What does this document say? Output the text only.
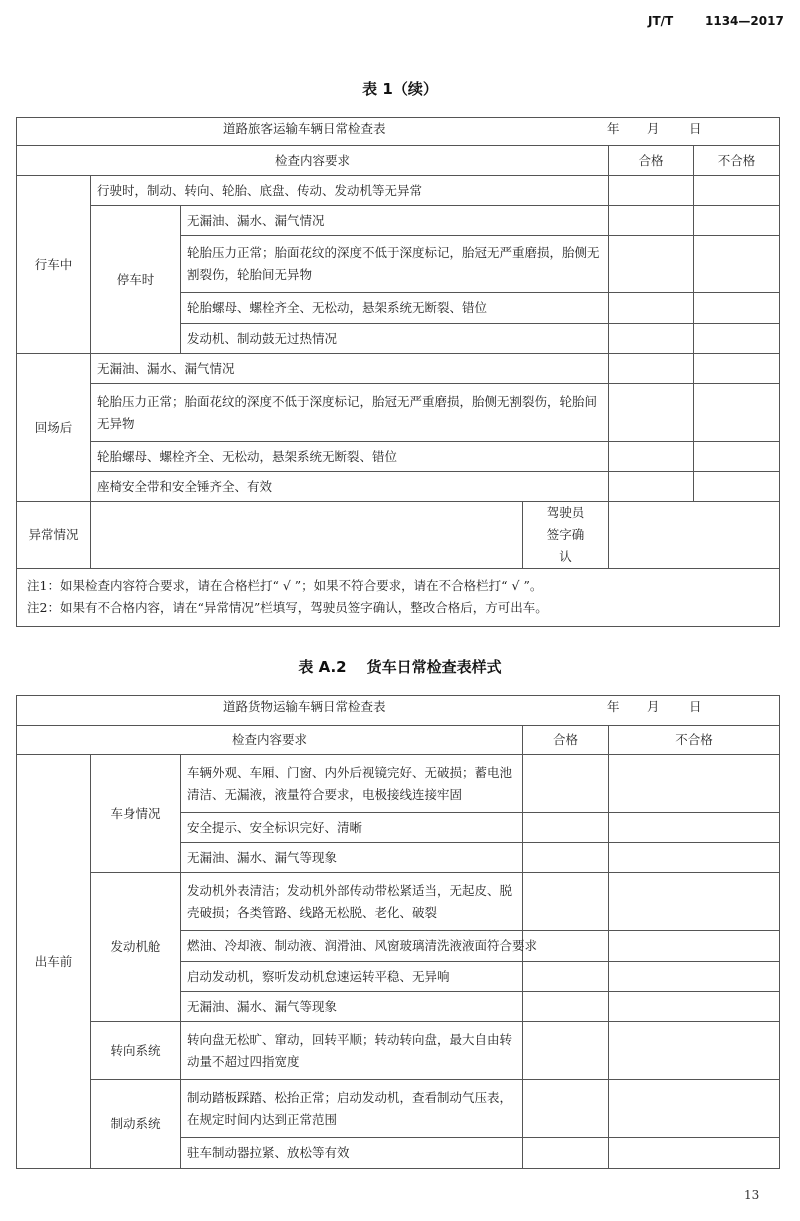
JT/T	1134—2017
表 1（续）
道路旅客运输车辆日常检查表 年 月 日					

检查内容要求				合格	不合格
行车中	行驶时，制动、转向、轮胎、底盘、传动、发动机等无异常				
	停车时	无漏油、漏水、漏气情况			
		轮胎压力正常；胎面花纹的深度不低于深度标记，胎冠无严重磨损，胎侧无割裂伤，轮胎间无异物			
		轮胎螺母、螺栓齐全、无松动，悬架系统无断裂、错位			
		发动机、制动鼓无过热情况			

回场后	无漏油、漏水、漏气情况				
	轮胎压力正常；胎面花纹的深度不低于深度标记，胎冠无严重磨损，胎侧无割裂伤，轮胎间无异物				
	轮胎螺母、螺栓齐全、无松动，悬架系统无断裂、错位				
	座椅安全带和安全锤齐全、有效				
异常情况			驾驶员签字确认		

注1：如果检查内容符合要求，请在合格栏打“ √ ”；如果不符合要求，请在不合格栏打“ √ ”。
注2：如果有不合格内容，请在“异常情况”栏填写，驾驶员签字确认，整改合格后，方可出车。					
表 A.2 货车日常检查表样式
道路货物运输车辆日常检查表 年 月 日				

检查内容要求			合格	不合格
出车前	车身情况	车辆外观、车厢、门窗、内外后视镜完好、无破损；蓄电池清洁、无漏液，液量符合要求，电极接线连接牢固		
		安全提示、安全标识完好、清晰		
		无漏油、漏水、漏气等现象		
	发动机舱	发动机外表清洁；发动机外部传动带松紧适当，无起皮、脱壳破损；各类管路、线路无松脱、老化、破裂		
		燃油、冷却液、制动液、润滑油、风窗玻璃清洗液液面符合要求		
		启动发动机，察听发动机怠速运转平稳、无异响		
		无漏油、漏水、漏气等现象		
	转向系统	转向盘无松旷、窜动，回转平顺；转动转向盘，最大自由转动量不超过四指宽度		
	制动系统	制动踏板踩踏、松抬正常；启动发动机，查看制动气压表，在规定时间内达到正常范围		
		驻车制动器拉紧、放松等有效		
13
